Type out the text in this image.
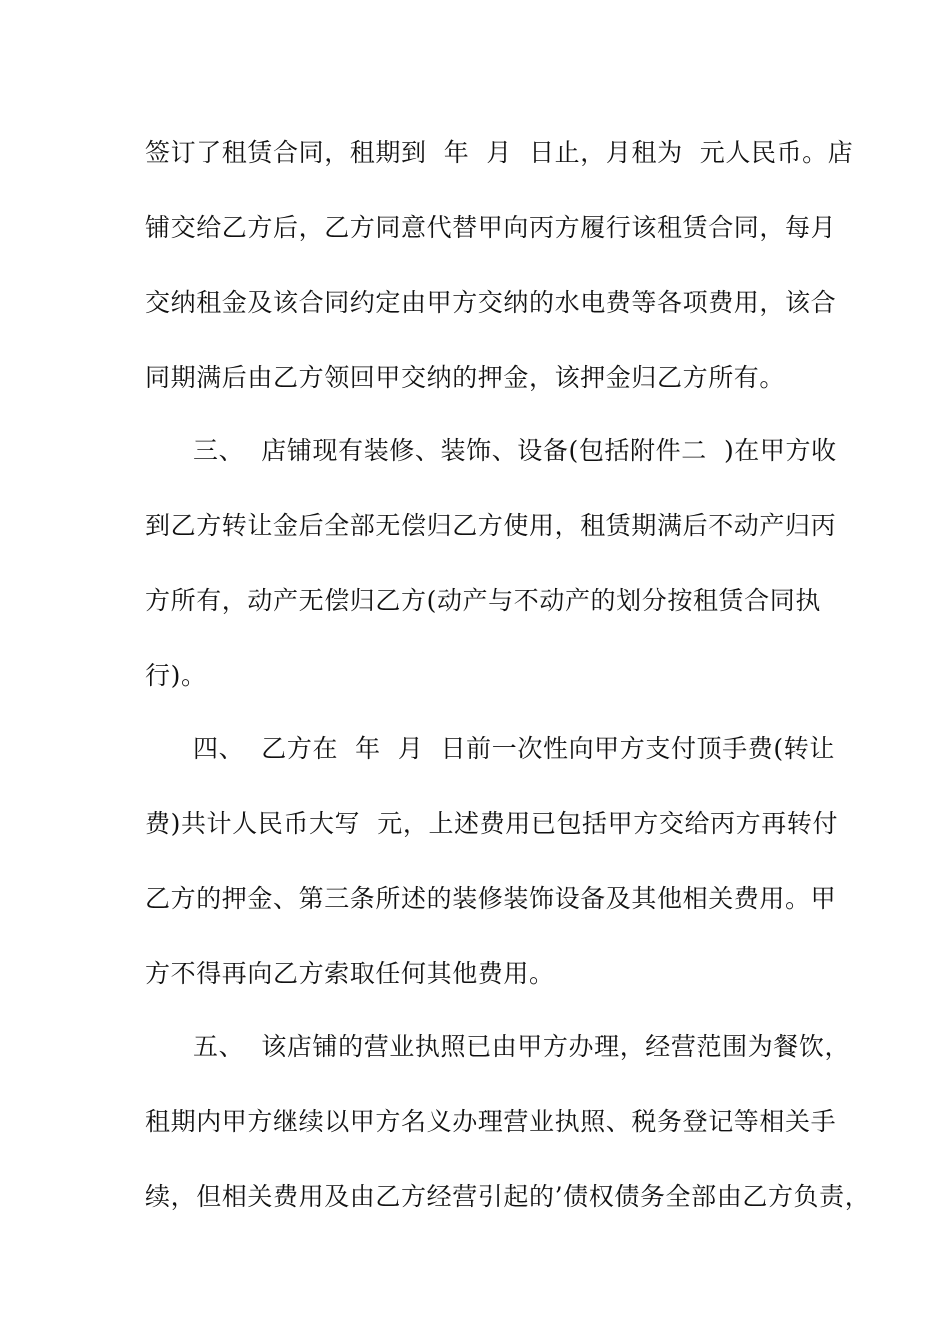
签订了租赁合同，租期到  年  月  日止，月租为  元人民币。店
铺交给乙方后，乙方同意代替甲向丙方履行该租赁合同，每月
交纳租金及该合同约定由甲方交纳的水电费等各项费用，该合
同期满后由乙方领回甲交纳的押金，该押金归乙方所有。
三、  店铺现有装修、装饰、设备(包括附件二  )在甲方收
到乙方转让金后全部无偿归乙方使用，租赁期满后不动产归丙
方所有，动产无偿归乙方(动产与不动产的划分按租赁合同执
行)。
四、  乙方在  年  月  日前一次性向甲方支付顶手费(转让
费)共计人民币大写  元，上述费用已包括甲方交给丙方再转付
乙方的押金、第三条所述的装修装饰设备及其他相关费用。甲
方不得再向乙方索取任何其他费用。
五、  该店铺的营业执照已由甲方办理，经营范围为餐饮，
租期内甲方继续以甲方名义办理营业执照、税务登记等相关手
续，但相关费用及由乙方经营引起的’债权债务全部由乙方负责，
